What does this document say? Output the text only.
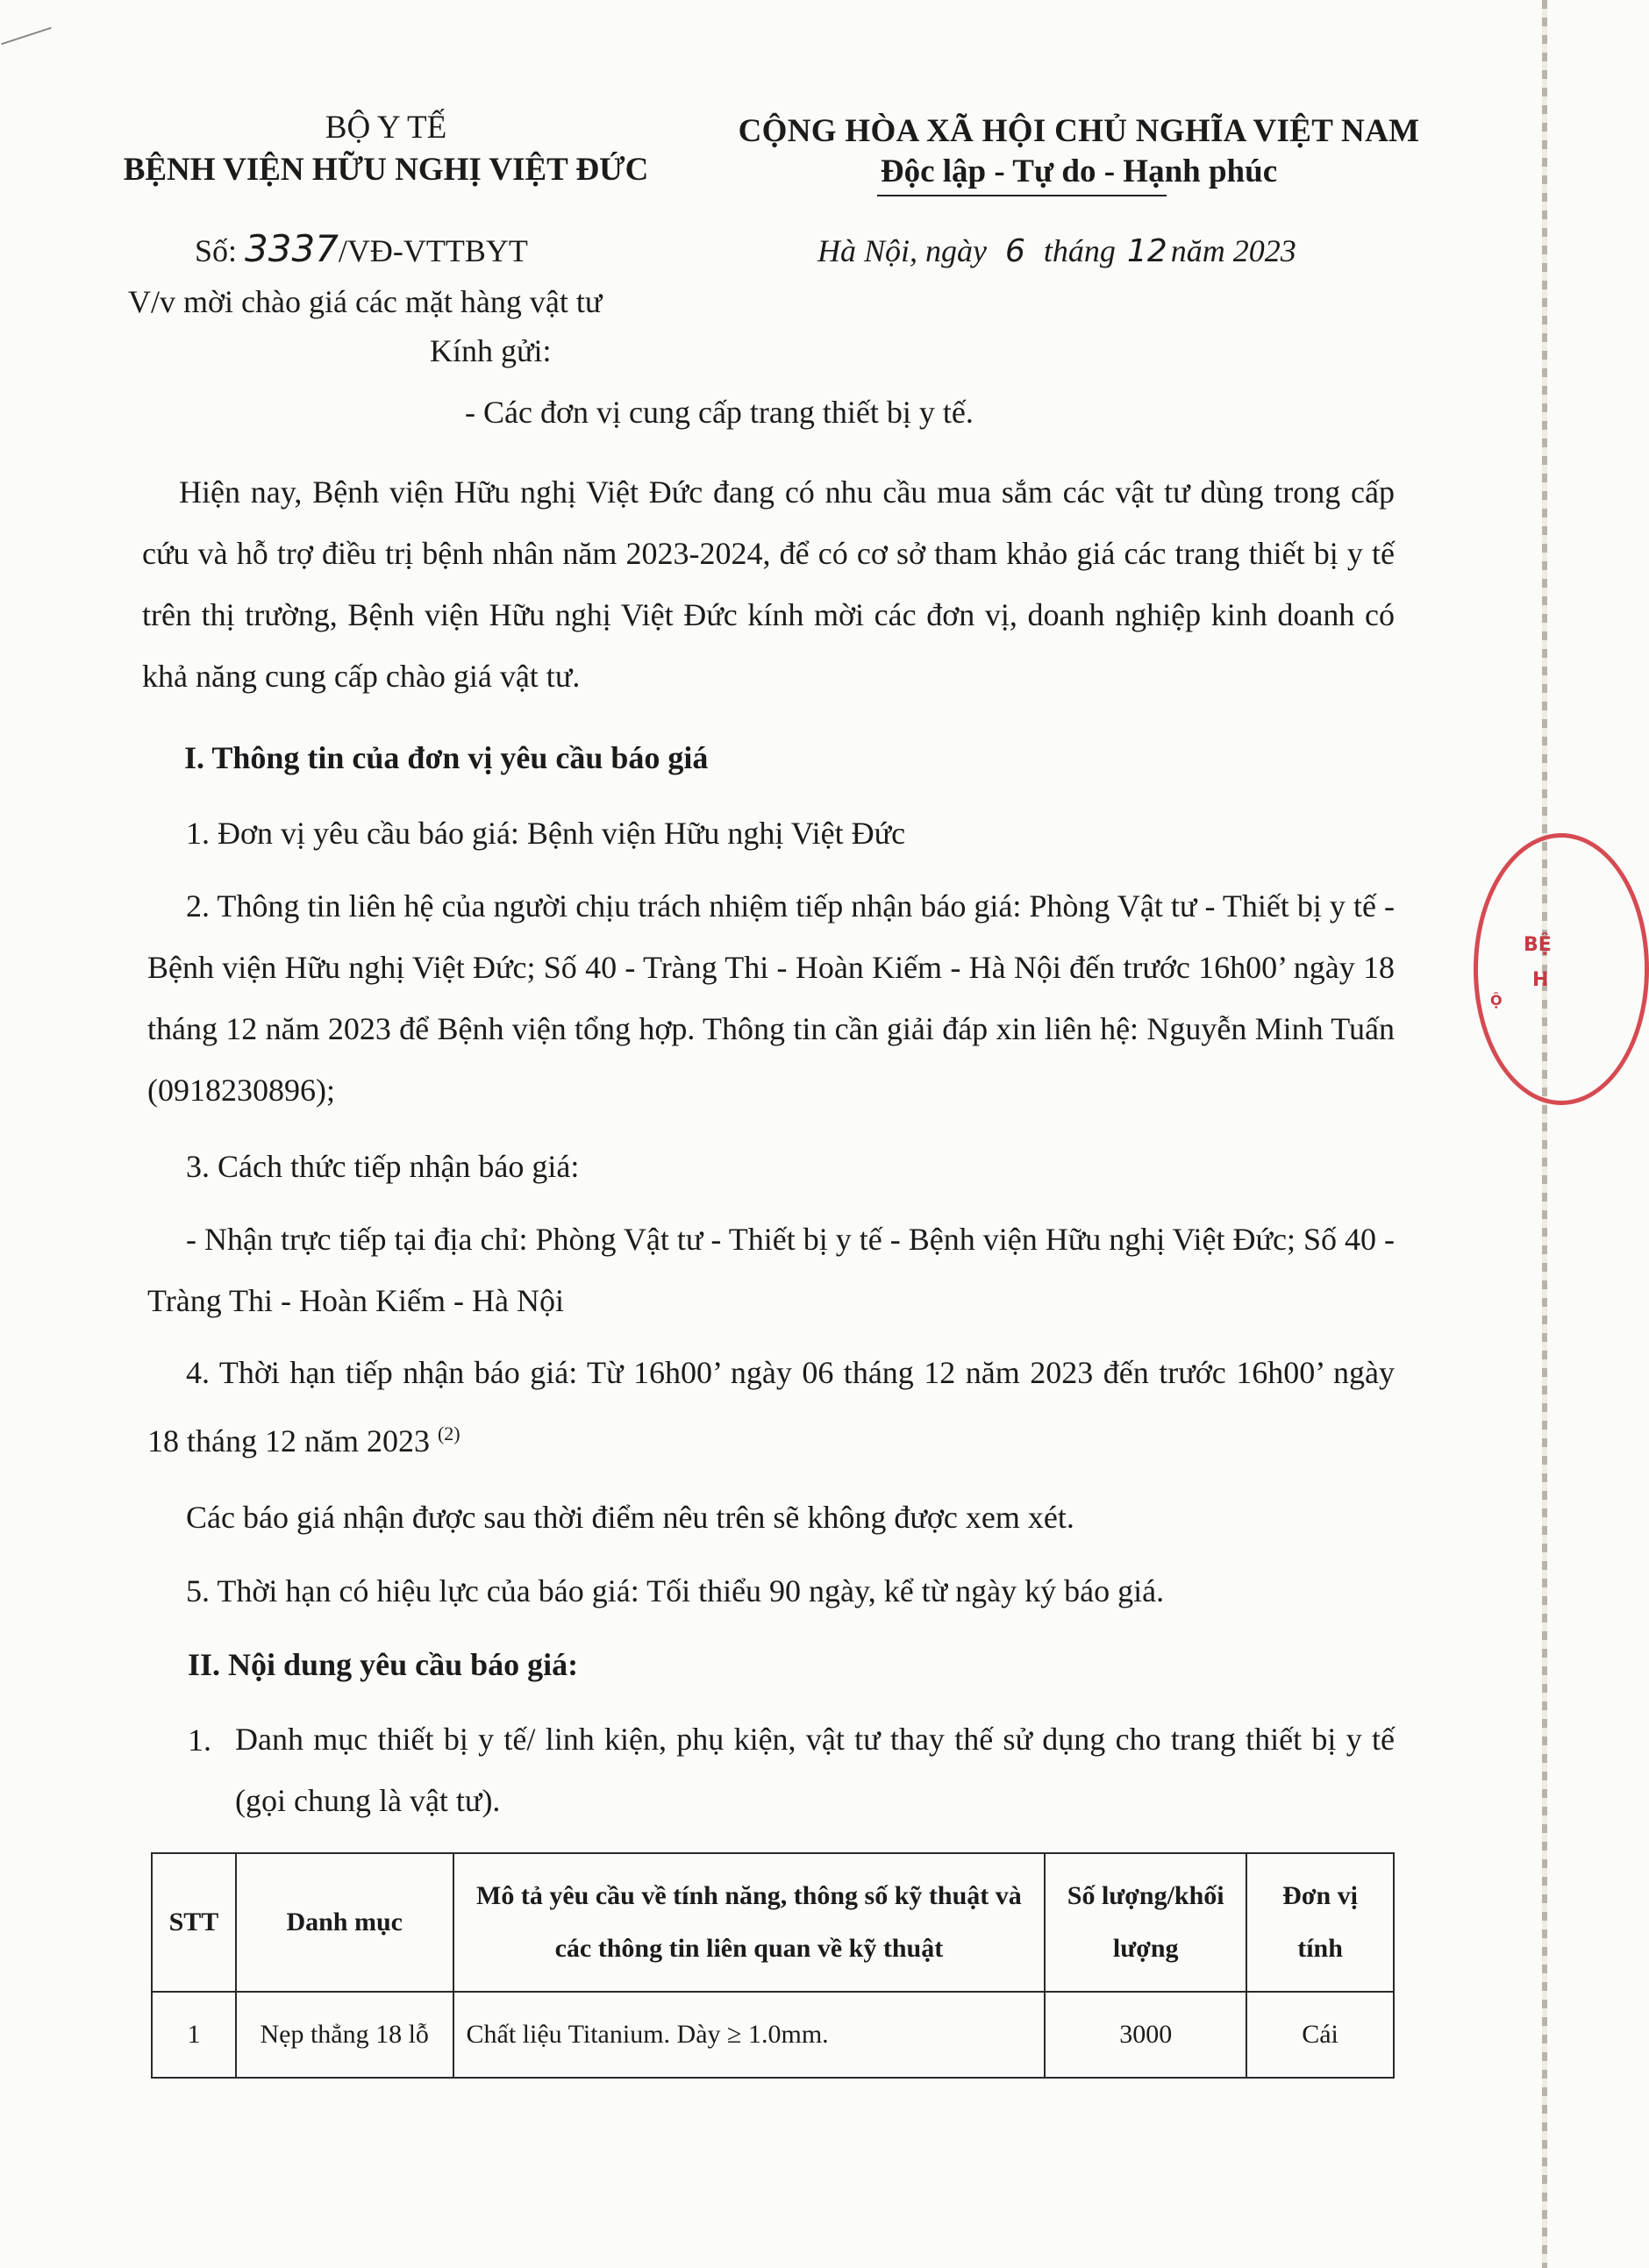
BỘ Y TẾ
BỆNH VIỆN HỮU NGHỊ VIỆT ĐỨC
CỘNG HÒA XÃ HỘI CHỦ NGHĨA VIỆT NAM
Độc lập - Tự do - Hạnh phúc
Số: 3337/VĐ-VTTBYT
V/v mời chào giá các mặt hàng vật tư
Hà Nội, ngày 6 tháng 12 năm 2023
Kính gửi:
- Các đơn vị cung cấp trang thiết bị y tế.
Hiện nay, Bệnh viện Hữu nghị Việt Đức đang có nhu cầu mua sắm các vật tư dùng trong cấp cứu và hỗ trợ điều trị bệnh nhân năm 2023-2024, để có cơ sở tham khảo giá các trang thiết bị y tế trên thị trường, Bệnh viện Hữu nghị Việt Đức kính mời các đơn vị, doanh nghiệp kinh doanh có khả năng cung cấp chào giá vật tư.
I. Thông tin của đơn vị yêu cầu báo giá
1. Đơn vị yêu cầu báo giá: Bệnh viện Hữu nghị Việt Đức
2. Thông tin liên hệ của người chịu trách nhiệm tiếp nhận báo giá: Phòng Vật tư - Thiết bị y tế - Bệnh viện Hữu nghị Việt Đức; Số 40 - Tràng Thi - Hoàn Kiếm - Hà Nội đến trước 16h00’ ngày 18 tháng 12 năm 2023 để Bệnh viện tổng hợp. Thông tin cần giải đáp xin liên hệ: Nguyễn Minh Tuấn (0918230896);
3. Cách thức tiếp nhận báo giá:
- Nhận trực tiếp tại địa chỉ: Phòng Vật tư - Thiết bị y tế - Bệnh viện Hữu nghị Việt Đức; Số 40 - Tràng Thi - Hoàn Kiếm - Hà Nội
4. Thời hạn tiếp nhận báo giá: Từ 16h00’ ngày 06 tháng 12 năm 2023 đến trước 16h00’ ngày 18 tháng 12 năm 2023 $^{(2)}$
Các báo giá nhận được sau thời điểm nêu trên sẽ không được xem xét.
5. Thời hạn có hiệu lực của báo giá: Tối thiểu 90 ngày, kể từ ngày ký báo giá.
II. Nội dung yêu cầu báo giá:
1. Danh mục thiết bị y tế/ linh kiện, phụ kiện, vật tư thay thế sử dụng cho trang thiết bị y tế (gọi chung là vật tư).
STT	Danh mục	Mô tả yêu cầu về tính năng, thông số kỹ thuật và các thông tin liên quan về kỹ thuật	Số lượng/khối lượng	Đơn vị tính
1	Nẹp thẳng 18 lỗ	Chất liệu Titanium. Dày ≥ 1.0mm.	3000	Cái
BỆ
H
Ộ
